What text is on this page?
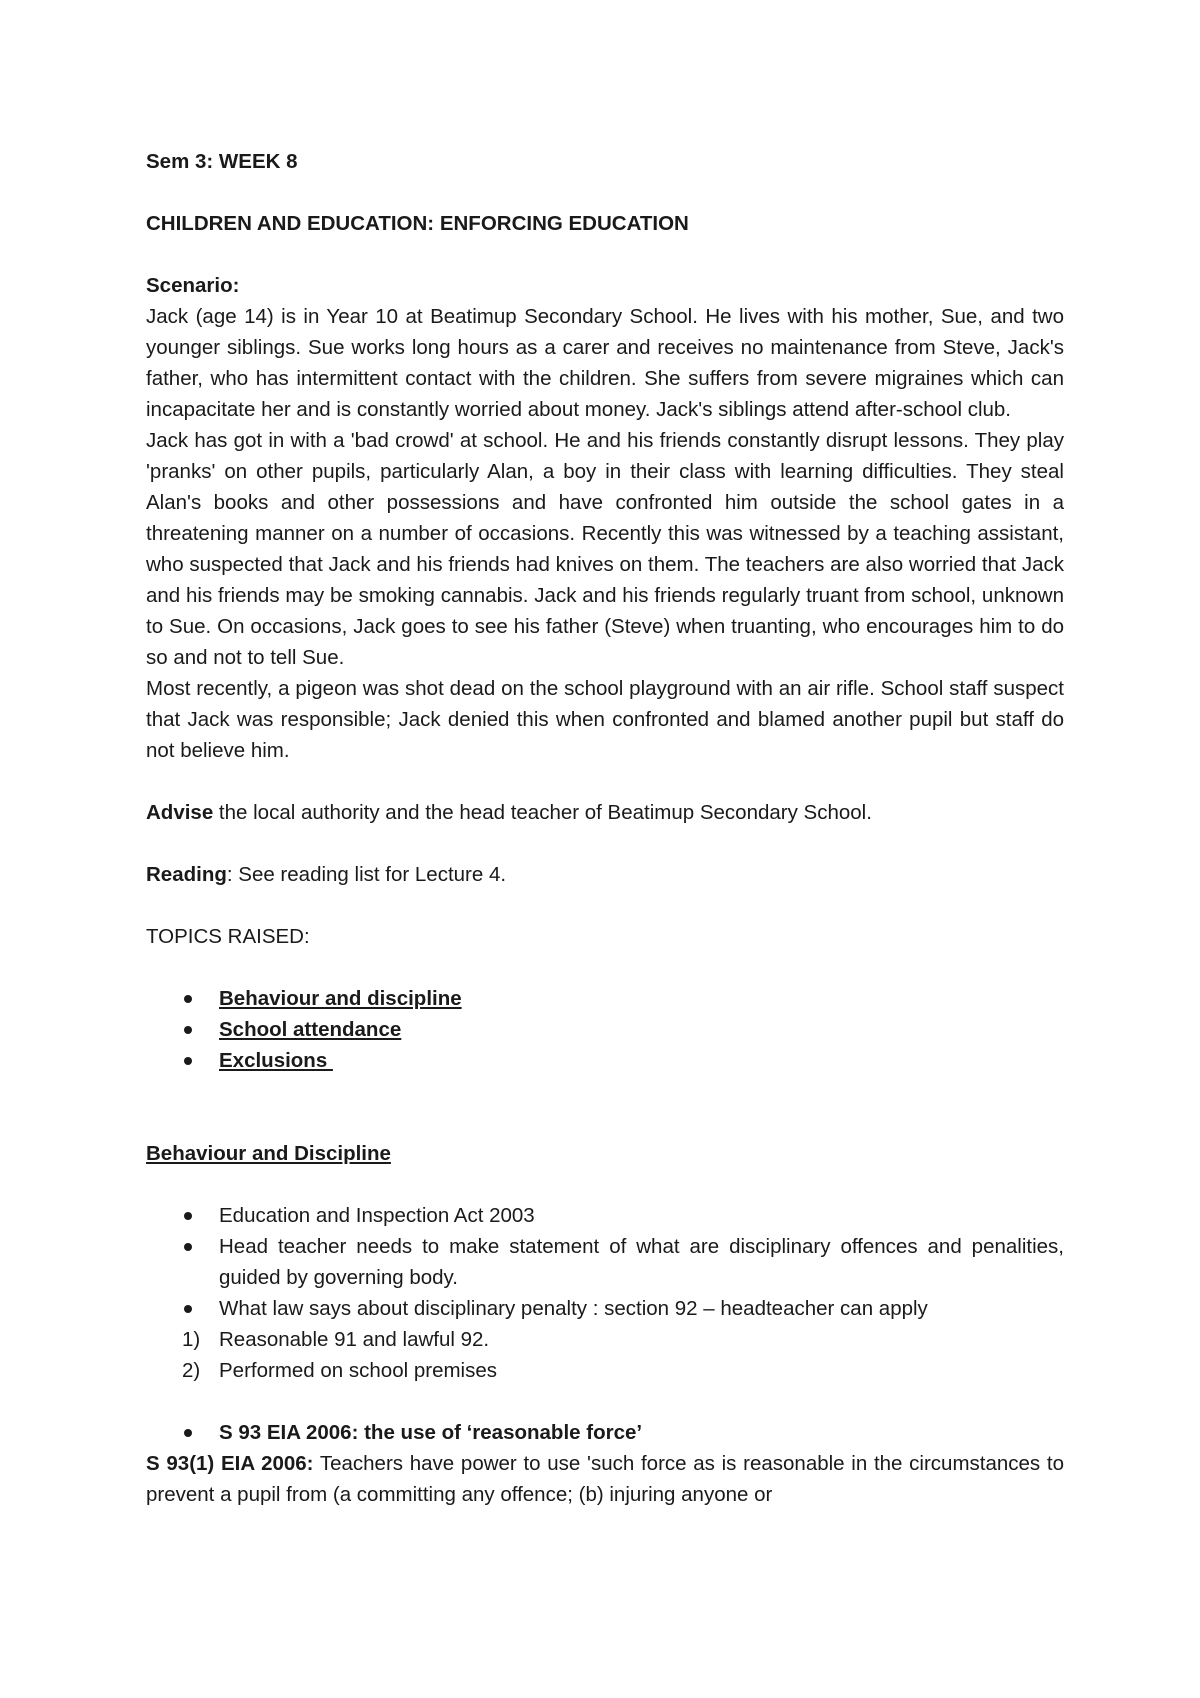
Sem 3: WEEK 8

CHILDREN AND EDUCATION: ENFORCING EDUCATION

Scenario:

Jack (age 14) is in Year 10 at Beatimup Secondary School. He lives with his mother, Sue, and two younger siblings. Sue works long hours as a carer and receives no maintenance from Steve, Jack's father, who has intermittent contact with the children. She suffers from severe migraines which can incapacitate her and is constantly worried about money. Jack's siblings attend after-school club.

Jack has got in with a 'bad crowd' at school. He and his friends constantly disrupt lessons. They play 'pranks' on other pupils, particularly Alan, a boy in their class with learning difficulties. They steal Alan's books and other possessions and have confronted him outside the school gates in a threatening manner on a number of occasions. Recently this was witnessed by a teaching assistant, who suspected that Jack and his friends had knives on them. The teachers are also worried that Jack and his friends may be smoking cannabis. Jack and his friends regularly truant from school, unknown to Sue. On occasions, Jack goes to see his father (Steve) when truanting, who encourages him to do so and not to tell Sue.

Most recently, a pigeon was shot dead on the school playground with an air rifle. School staff suspect that Jack was responsible; Jack denied this when confronted and blamed another pupil but staff do not believe him.

Advise the local authority and the head teacher of Beatimup Secondary School.

Reading: See reading list for Lecture 4.

TOPICS RAISED:

Behaviour and discipline
School attendance
Exclusions

Behaviour and Discipline

Education and Inspection Act 2003
Head teacher needs to make statement of what are disciplinary offences and penalities, guided by governing body.
What law says about disciplinary penalty : section 92 – headteacher can apply
1) Reasonable 91 and lawful 92.
2) Performed on school premises
S 93 EIA 2006: the use of ‘reasonable force’

S 93(1) EIA 2006: Teachers have power to use 'such force as is reasonable in the circumstances to prevent a pupil from (a committing any offence; (b) injuring anyone or
